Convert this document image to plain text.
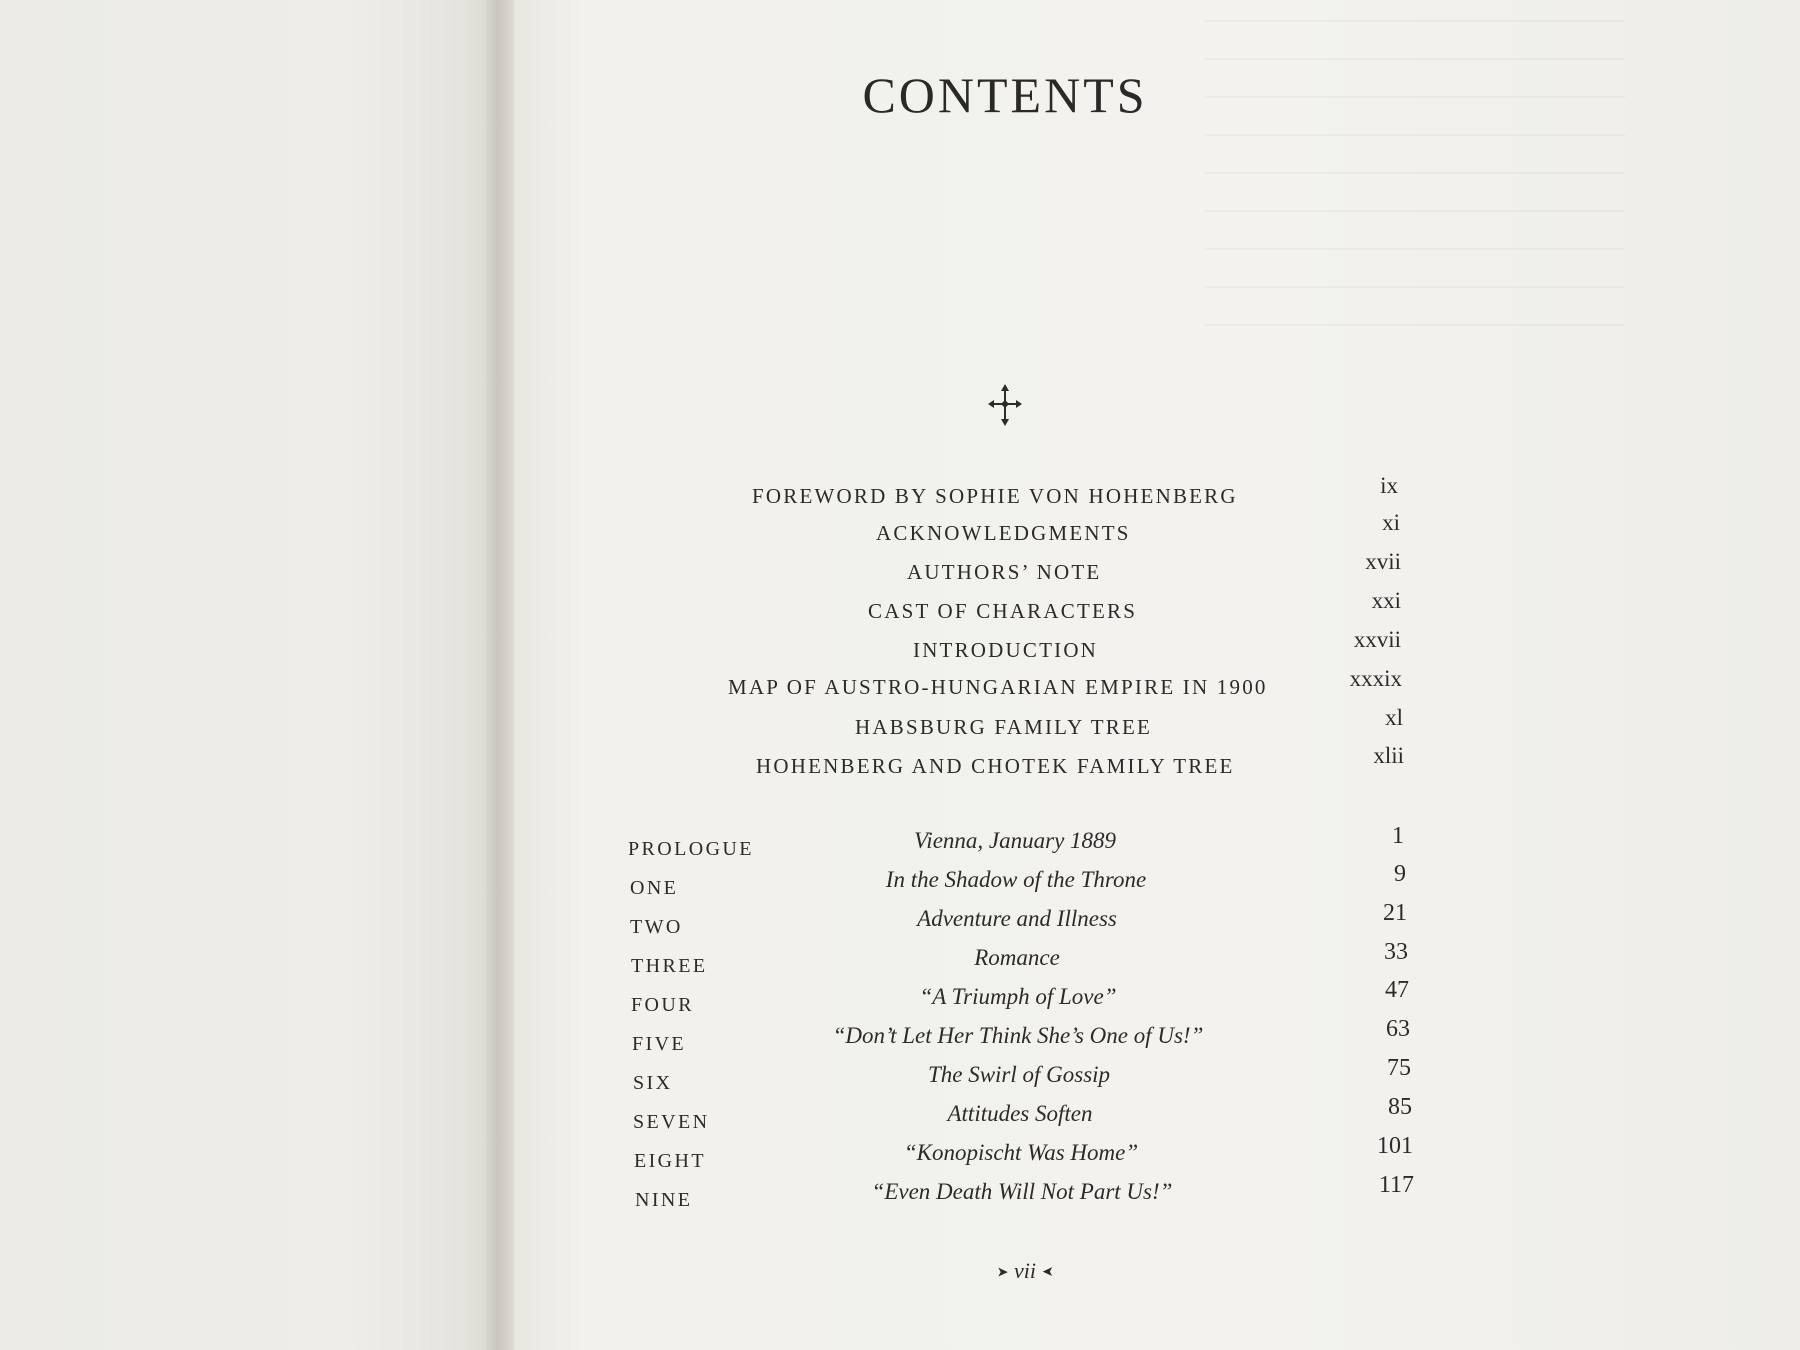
CONTENTS
FOREWORD BY SOPHIE VON HOHENBERG	ix
ACKNOWLEDGMENTS	xi
AUTHORS’ NOTE	xvii
CAST OF CHARACTERS	xxi
INTRODUCTION	xxvii
MAP OF AUSTRO-HUNGARIAN EMPIRE IN 1900	xxxix
HABSBURG FAMILY TREE	xl
HOHENBERG AND CHOTEK FAMILY TREE	xlii
PROLOGUE	Vienna, January 1889	1
ONE	In the Shadow of the Throne	9
TWO	Adventure and Illness	21
THREE	Romance	33
FOUR	“A Triumph of Love”	47
FIVE	“Don’t Let Her Think She’s One of Us!”	63
SIX	The Swirl of Gossip	75
SEVEN	Attitudes Soften	85
EIGHT	“Konopischt Was Home”	101
NINE	“Even Death Will Not Part Us!”	117
➤ vii ➤
